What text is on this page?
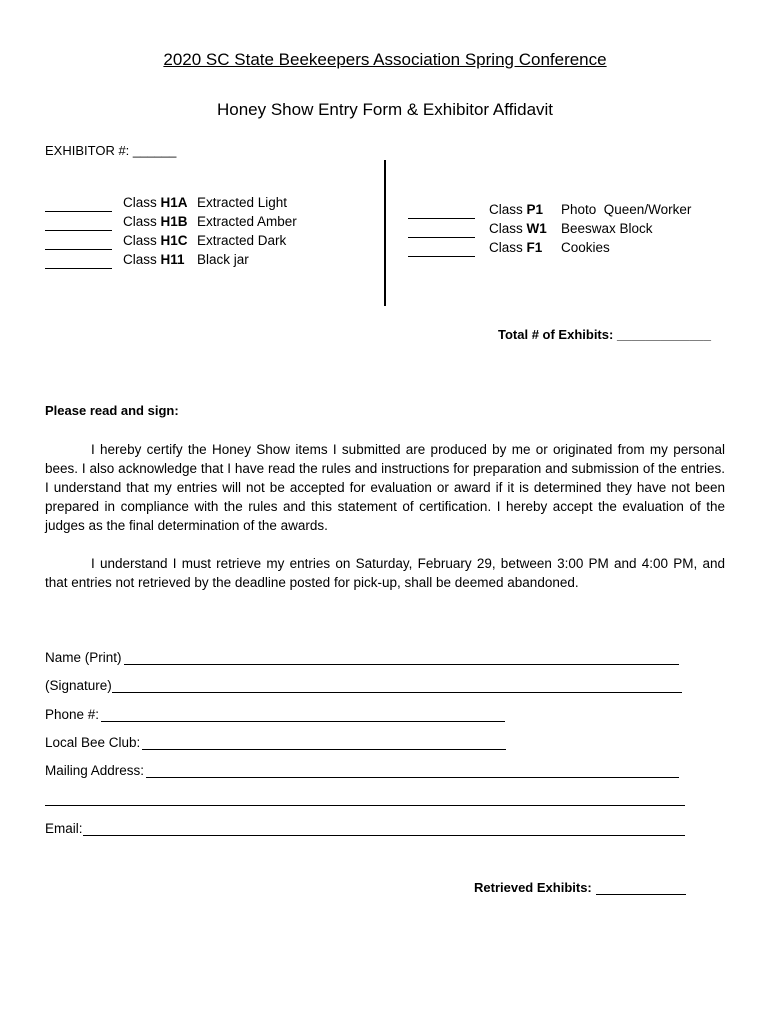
2020 SC State Beekeepers Association Spring Conference
Honey Show Entry Form & Exhibitor Affidavit
EXHIBITOR #: ______
Class H1A Extracted Light
Class H1B Extracted Amber
Class H1C Extracted Dark
Class H11 Black jar
Class P1	Photo  Queen/Worker
Class W1	Beeswax Block
Class F1	Cookies
Total # of Exhibits: _____________
Please read and sign:
I hereby certify the Honey Show items I submitted are produced by me or originated from my personal bees. I also acknowledge that I have read the rules and instructions for preparation and submission of the entries. I understand that my entries will not be accepted for evaluation or award if it is determined they have not been prepared in compliance with the rules and this statement of certification. I hereby accept the evaluation of the judges as the final determination of the awards.
I understand I must retrieve my entries on Saturday, February 29, between 3:00 PM and 4:00 PM, and that entries not retrieved by the deadline posted for pick-up, shall be deemed abandoned.
Name (Print)
(Signature)
Phone #:
Local Bee Club:
Mailing Address:
Email:
Retrieved Exhibits:
